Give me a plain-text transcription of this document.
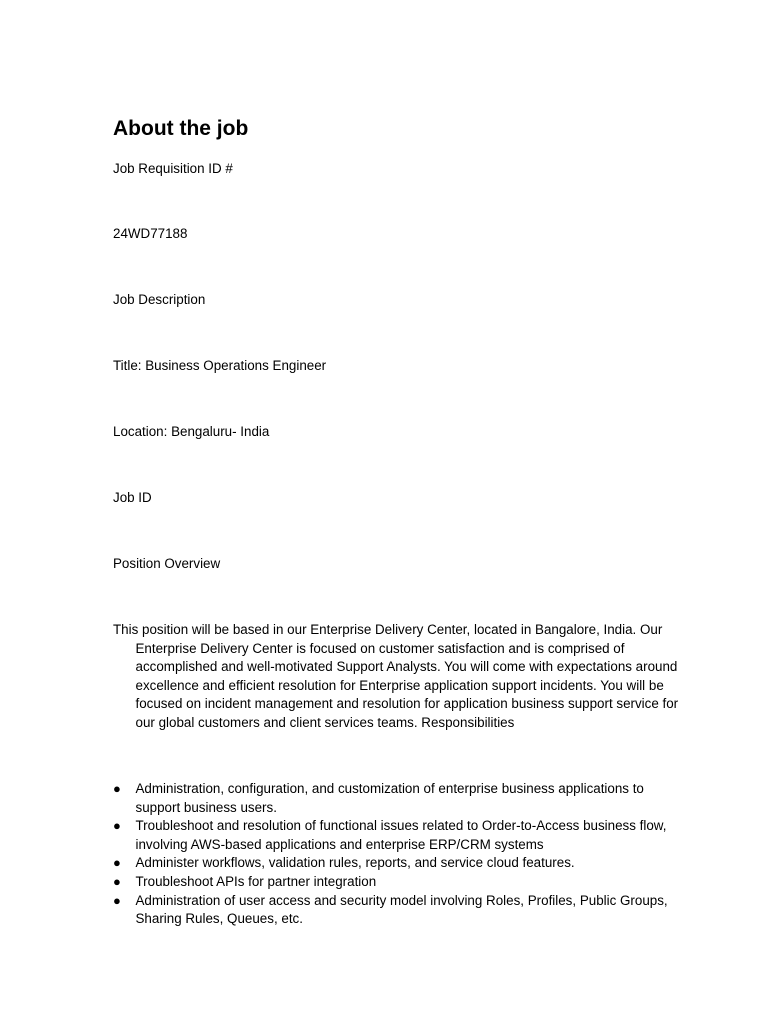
About the job

Job Requisition ID #

24WD77188

Job Description

Title: Business Operations Engineer

Location: Bengaluru- India

Job ID

Position Overview

This position will be based in our Enterprise Delivery Center, located in Bangalore, India. Our Enterprise Delivery Center is focused on customer satisfaction and is comprised of accomplished and well-motivated Support Analysts. You will come with expectations around excellence and efficient resolution for Enterprise application support incidents. You will be focused on incident management and resolution for application business support service for our global customers and client services teams. Responsibilities

● Administration, configuration, and customization of enterprise business applications to support business users.
● Troubleshoot and resolution of functional issues related to Order-to-Access business flow, involving AWS-based applications and enterprise ERP/CRM systems
● Administer workflows, validation rules, reports, and service cloud features.
● Troubleshoot APIs for partner integration
● Administration of user access and security model involving Roles, Profiles, Public Groups, Sharing Rules, Queues, etc.
